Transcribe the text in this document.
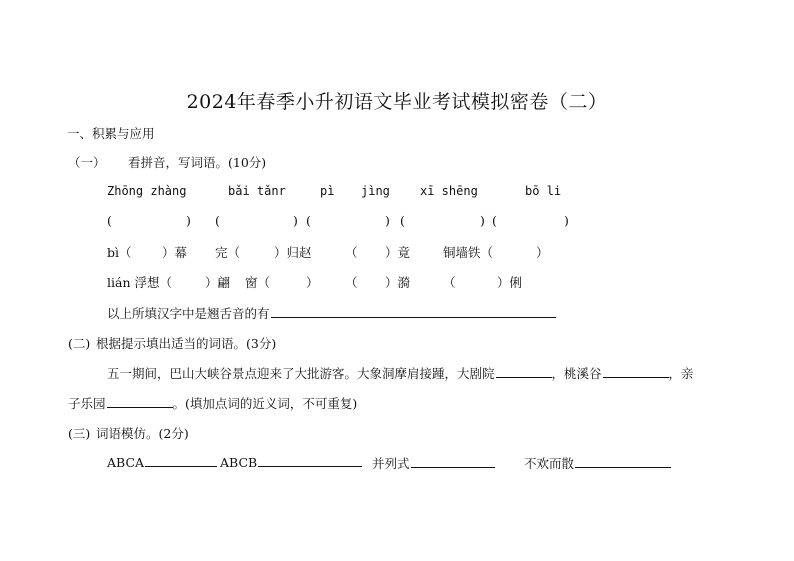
2024年春季小升初语文毕业考试模拟密卷（二）
一、积累与应用
（一） 看拼音，写词语。(10分)
Zhōng zhàng	bǎi tǎnr	pì jìng	xī shēng	bō li
(	) (	) (	) (	) (	)
bì（ ）幕 完（	）归赵	（ ）竟	铜墙铁（	）
lián 浮想（	）翩 窗（	） （ ）漪	（	）俐
以上所填汉字中是翘舌音的有
(二) 根据提示填出适当的词语。(3分)
五一期间，巴山大峡谷景点迎来了大批游客。大象洞摩肩接踵，大剧院	，桃溪谷	，亲
子乐园	。(填加点词的近义词，不可重复)
(三) 词语模仿。(2分)
ABCA	ABCB	并列式	不欢而散
